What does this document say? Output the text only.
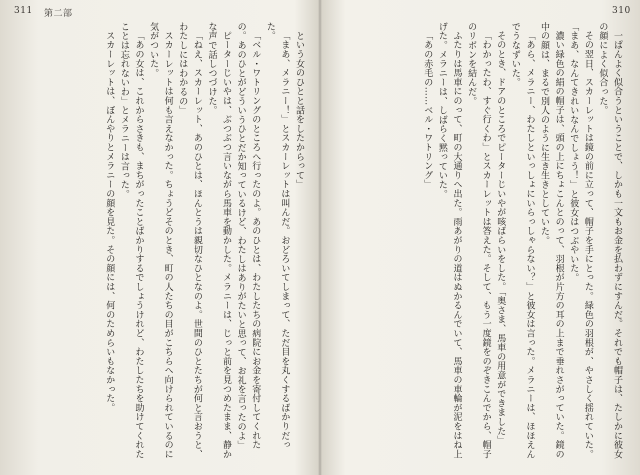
311 第二部

という女のひとと話をしたからって」

「まあ、メラニー！」とスカーレットは叫んだ。おどろいてしまって、ただ目を丸くするばかりだった。

「ベル・ワトリングのところへ行ったのよ。あのひとは、わたしたちの病院にお金を寄付してくれたの。あのひとがどういうひとだか知っているけど、わたしはありがたいと思って、お礼を言ったのよ」

ピーターじいやは、ぶつぶつ言いながら馬車を動かした。メラニーは、じっと前を見つめたまま、静かな声で話しつづけた。

「ねえ、スカーレット、あのひとは、ほんとうは親切なひとなのよ。世間のひとたちが何と言おうと、わたしにはわかるの」

スカーレットは何も言えなかった。ちょうどそのとき、町の人たちの目がこちらへ向けられているのに気がついた。

「あの女は、これからさきも、まちがったことばかりするでしょうけれど、わたしたちを助けてくれたことは忘れないわ」とメラニーは言った。

スカーレットは、ぼんやりとメラニーの顔を見た。その顔には、何のためらいもなかった。

310

一ぱんよく似合うということで、しかも一文もお金を払わずにすんだ。それでも帽子は、たしかに彼女の顔によく似合った。

その翌日、スカーレットは鏡の前に立って、帽子を手にとった。緑色の羽根が、やさしく揺れていた。「まあ、なんてきれいなんでしょう！」と彼女はつぶやいた。

濃い緑色の絹の帽子は、頭の上にちょこんとのって、羽根が片方の耳の上まで垂れさがっていた。鏡の中の顔は、まるで別人のように生き生きとしていた。

「あら、メラニー、わたしといっしょにいらっしゃらない？」と彼女は言った。メラニーは、ほほえんでうなずいた。

そのとき、ドアのところでピーターじいやが咳ばらいをした。「奥さま、馬車の用意ができました」

「わかったわ、すぐ行くわ」とスカーレットは答えた。そして、もう一度鏡をのぞきこんでから、帽子のリボンを結んだ。

ふたりは馬車にのって、町の大通りへ出た。雨あがりの道はぬかるんでいて、馬車の車輪が泥をはね上げた。メラニーは、しばらく黙っていた。

「あの赤毛の……ベル・ワトリング」
